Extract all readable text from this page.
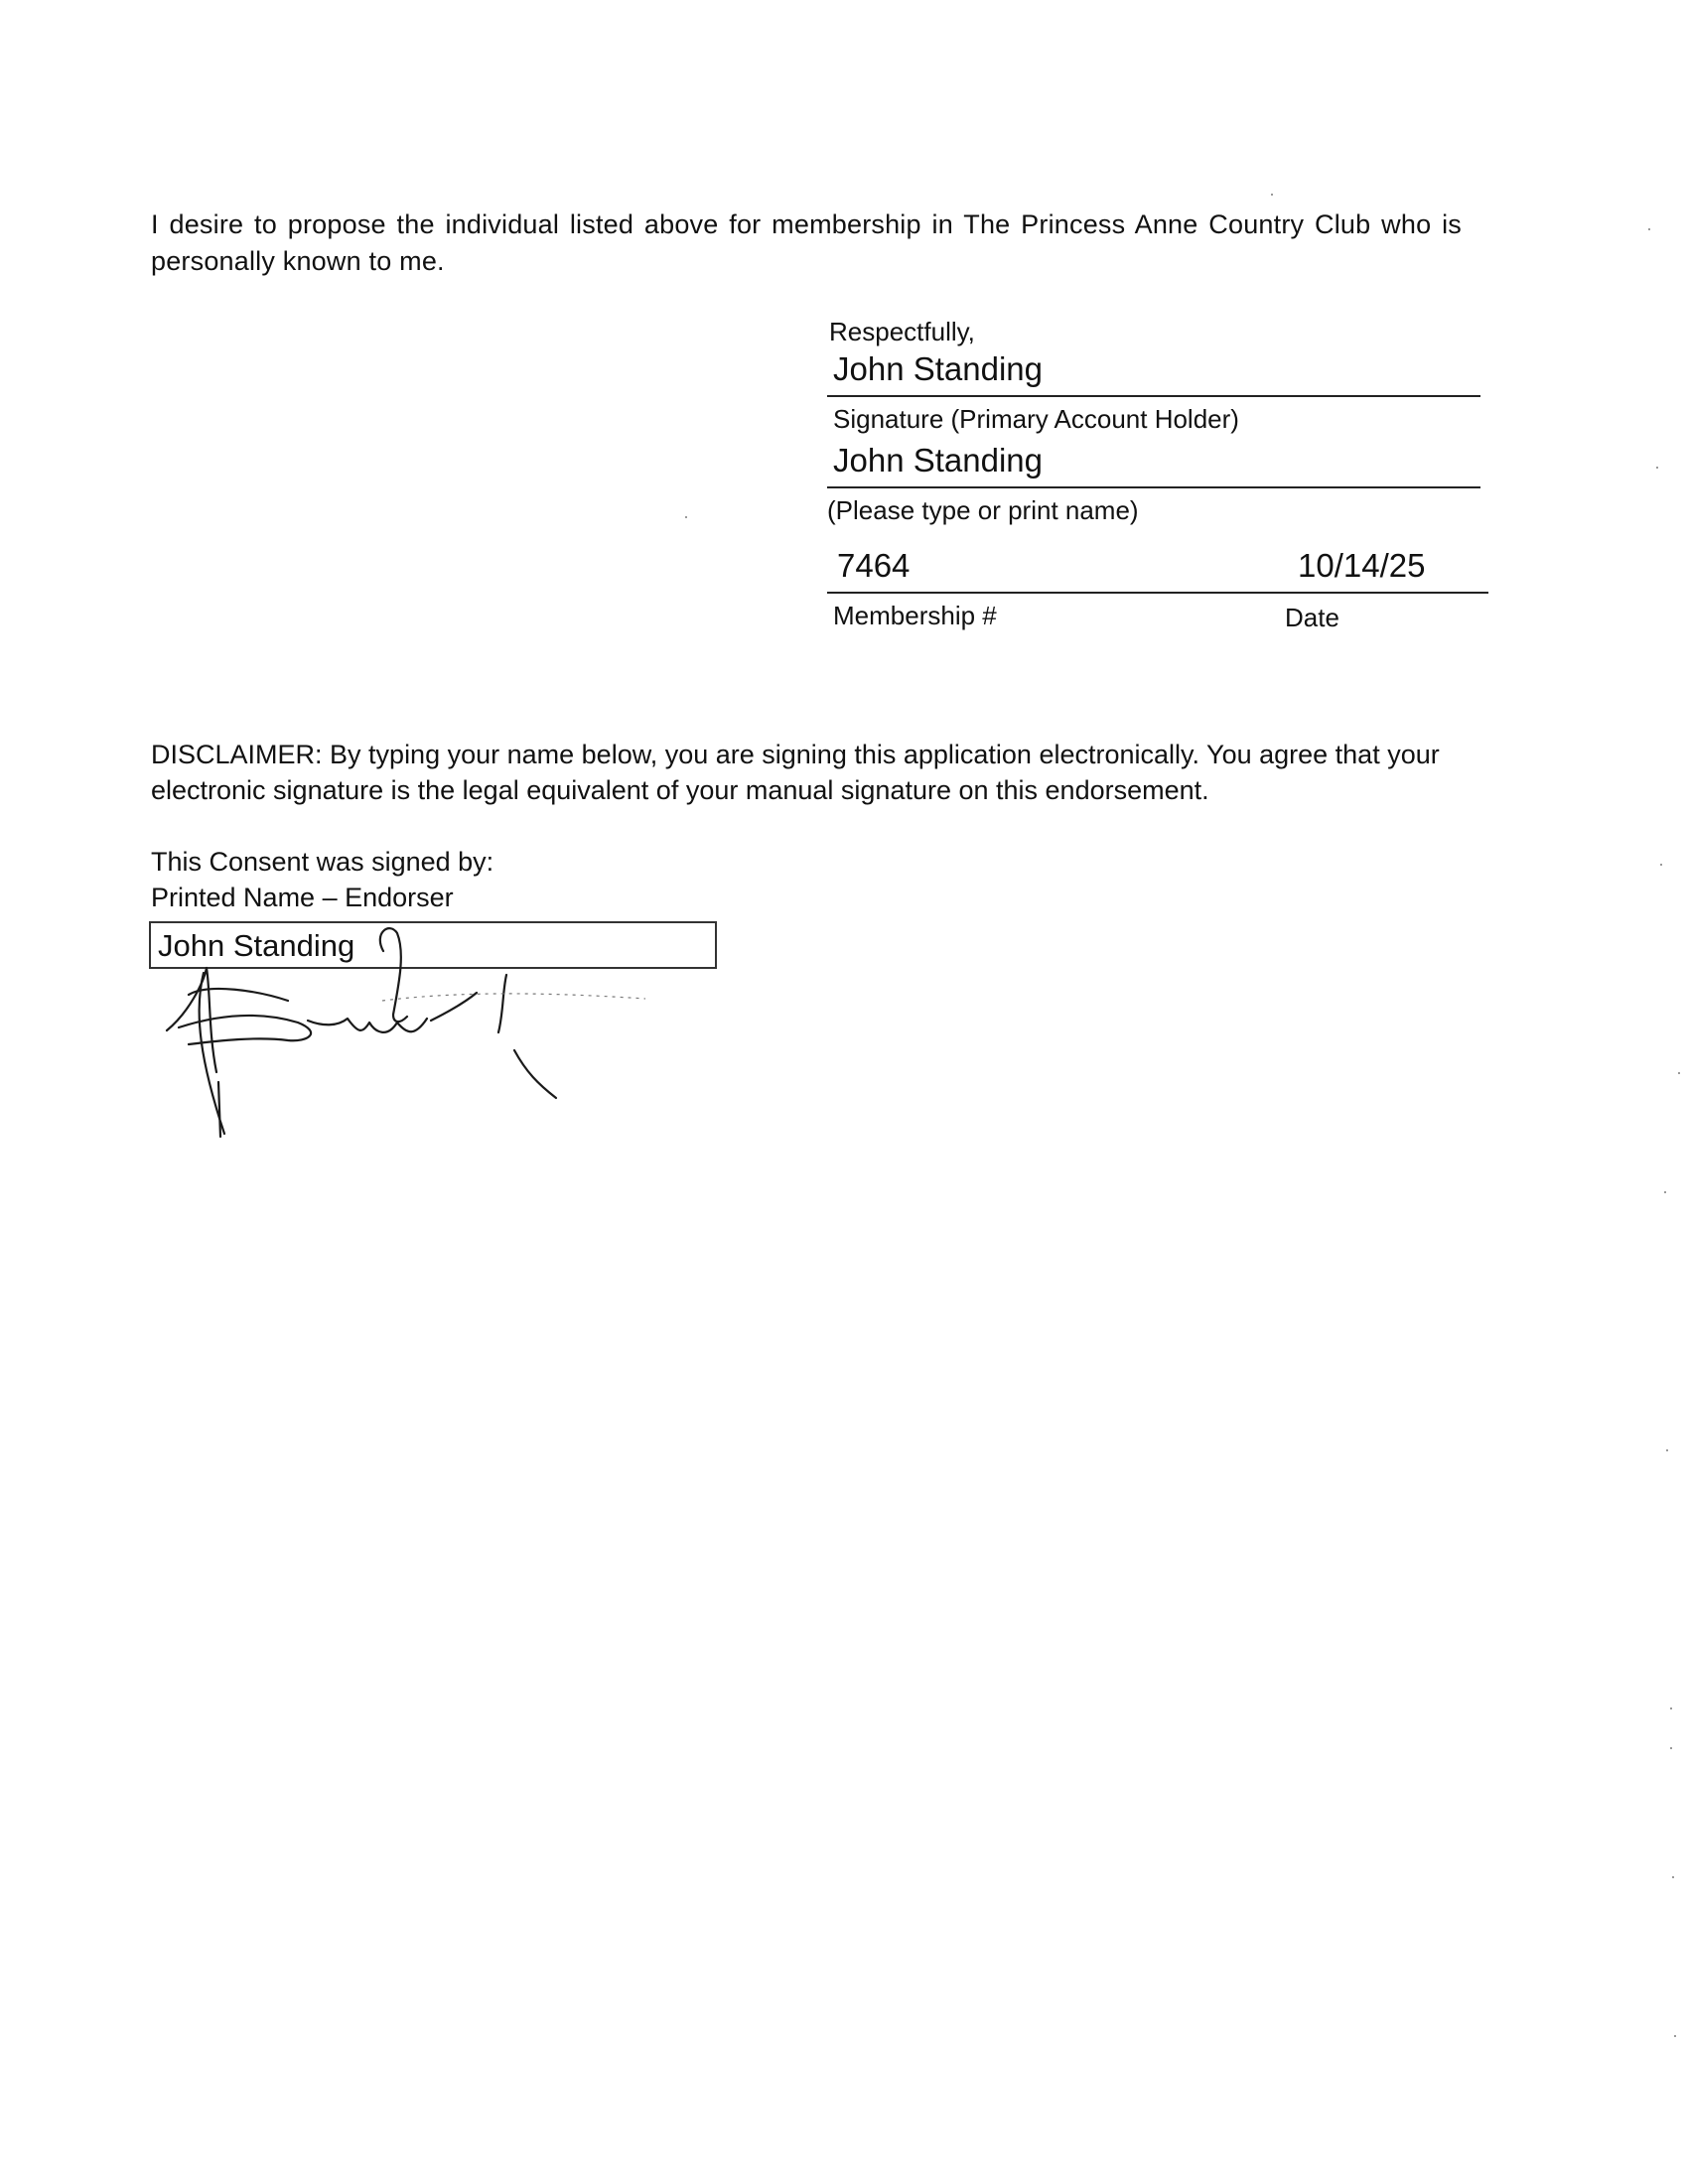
I desire to propose the individual listed above for membership in The Princess Anne Country Club who is personally known to me.

Respectfully,
John Standing
Signature (Primary Account Holder)
John Standing
(Please type or print name)
7464	10/14/25
Membership #	Date
DISCLAIMER: By typing your name below, you are signing this application electronically. You agree that your
electronic signature is the legal equivalent of your manual signature on this endorsement.
This Consent was signed by:
Printed Name – Endorser
John Standing
